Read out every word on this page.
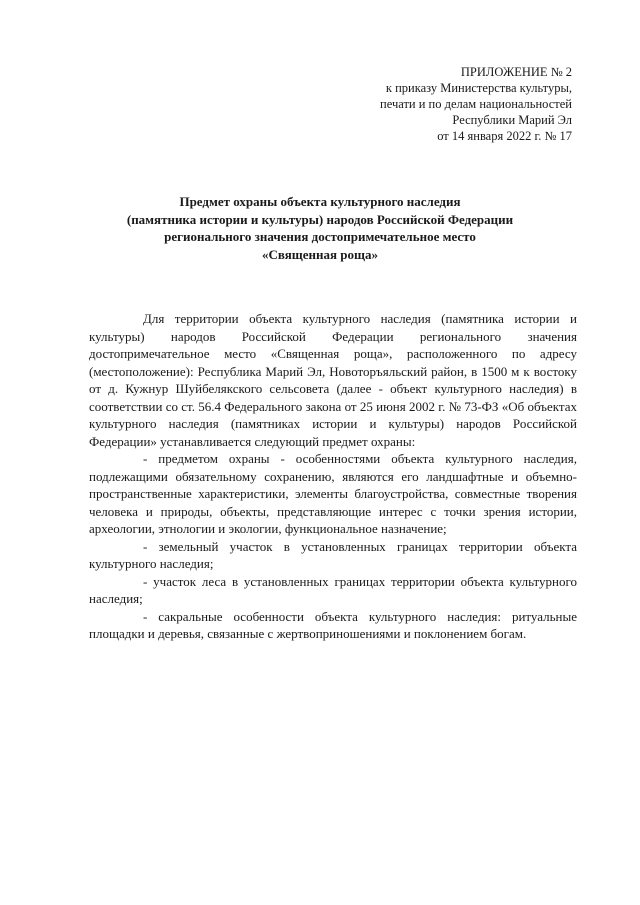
ПРИЛОЖЕНИЕ № 2
к приказу Министерства культуры,
печати и по делам национальностей
Республики Марий Эл
от 14 января 2022 г. № 17
Предмет охраны объекта культурного наследия
(памятника истории и культуры) народов Российской Федерации
регионального значения достопримечательное место
«Священная роща»

Для территории объекта культурного наследия (памятника истории и культуры) народов Российской Федерации регионального значения достопримечательное место «Священная роща», расположенного по адресу (местоположение): Республика Марий Эл, Новоторъяльский район, в 1500 м к востоку от д. Кужнур Шуйбелякского сельсовета (далее - объект культурного наследия) в соответствии со ст. 56.4 Федерального закона от 25 июня 2002 г. № 73-ФЗ «Об объектах культурного наследия (памятниках истории и культуры) народов Российской Федерации» устанавливается следующий предмет охраны:

- предметом охраны - особенностями объекта культурного наследия, подлежащими обязательному сохранению, являются его ландшафтные и объемно-пространственные характеристики, элементы благоустройства, совместные творения человека и природы, объекты, представляющие интерес с точки зрения истории, археологии, этнологии и экологии, функциональное назначение;

- земельный участок в установленных границах территории объекта культурного наследия;

- участок леса в установленных границах территории объекта культурного наследия;

- сакральные особенности объекта культурного наследия: ритуальные площадки и деревья, связанные с жертвоприношениями и поклонением богам.
